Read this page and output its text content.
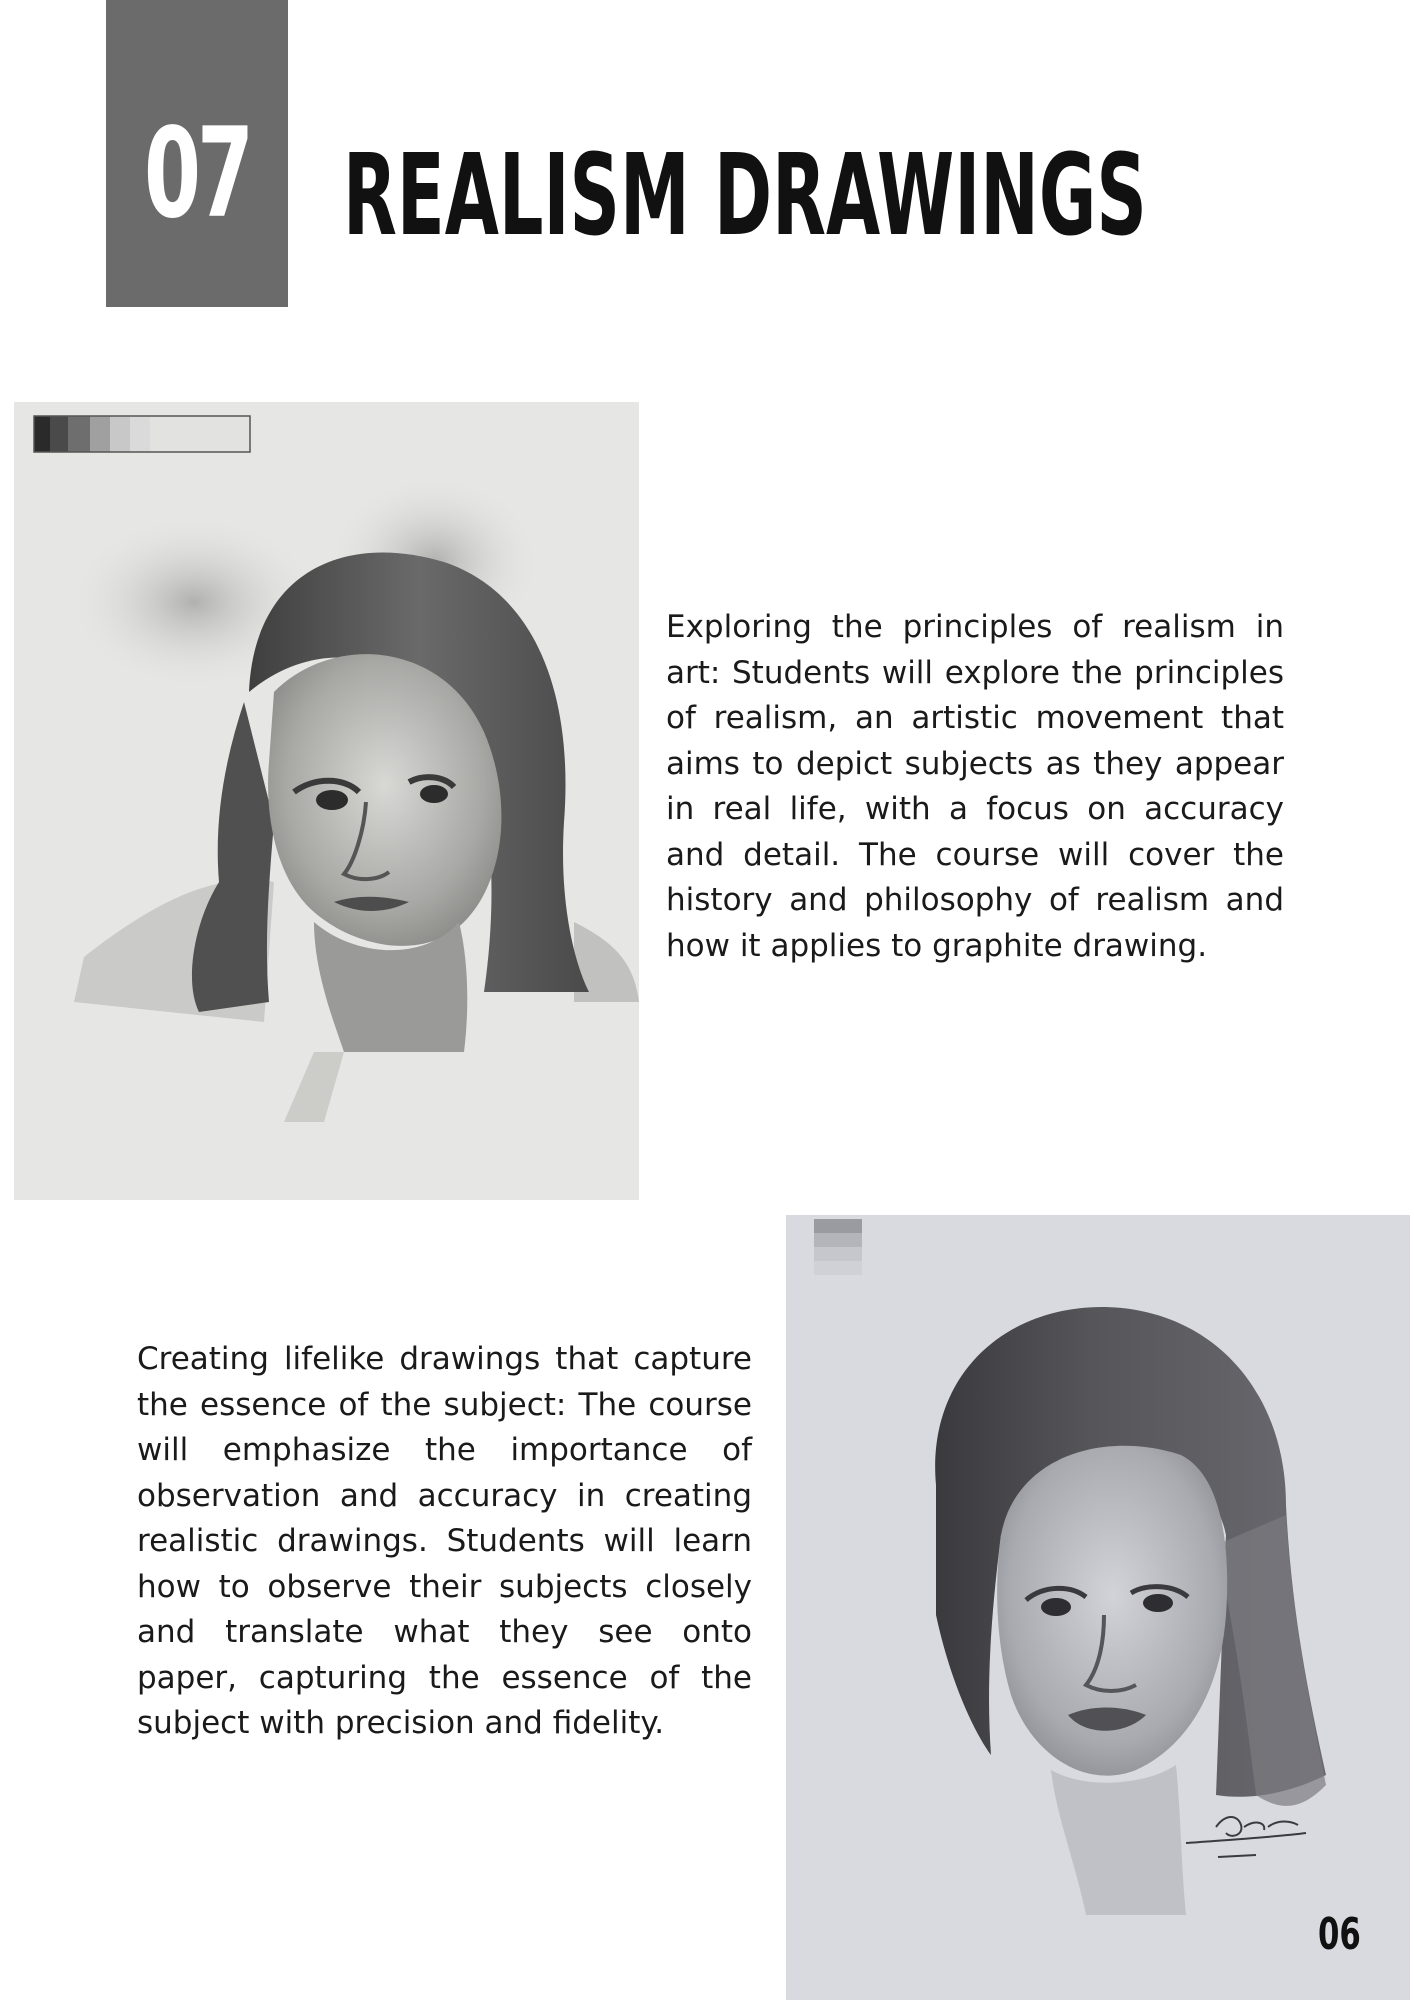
07 REALISM DRAWINGS

Exploring the principles of realism in art: Students will explore the principles of realism, an artistic movement that aims to depict subjects as they appear in real life, with a focus on accuracy and detail. The course will cover the history and philosophy of realism and how it applies to graphite drawing.

Creating lifelike drawings that capture the essence of the subject: The course will emphasize the importance of observation and accuracy in creating realistic drawings. Students will learn how to observe their subjects closely and translate what they see onto paper, capturing the essence of the subject with precision and fidelity.

06
